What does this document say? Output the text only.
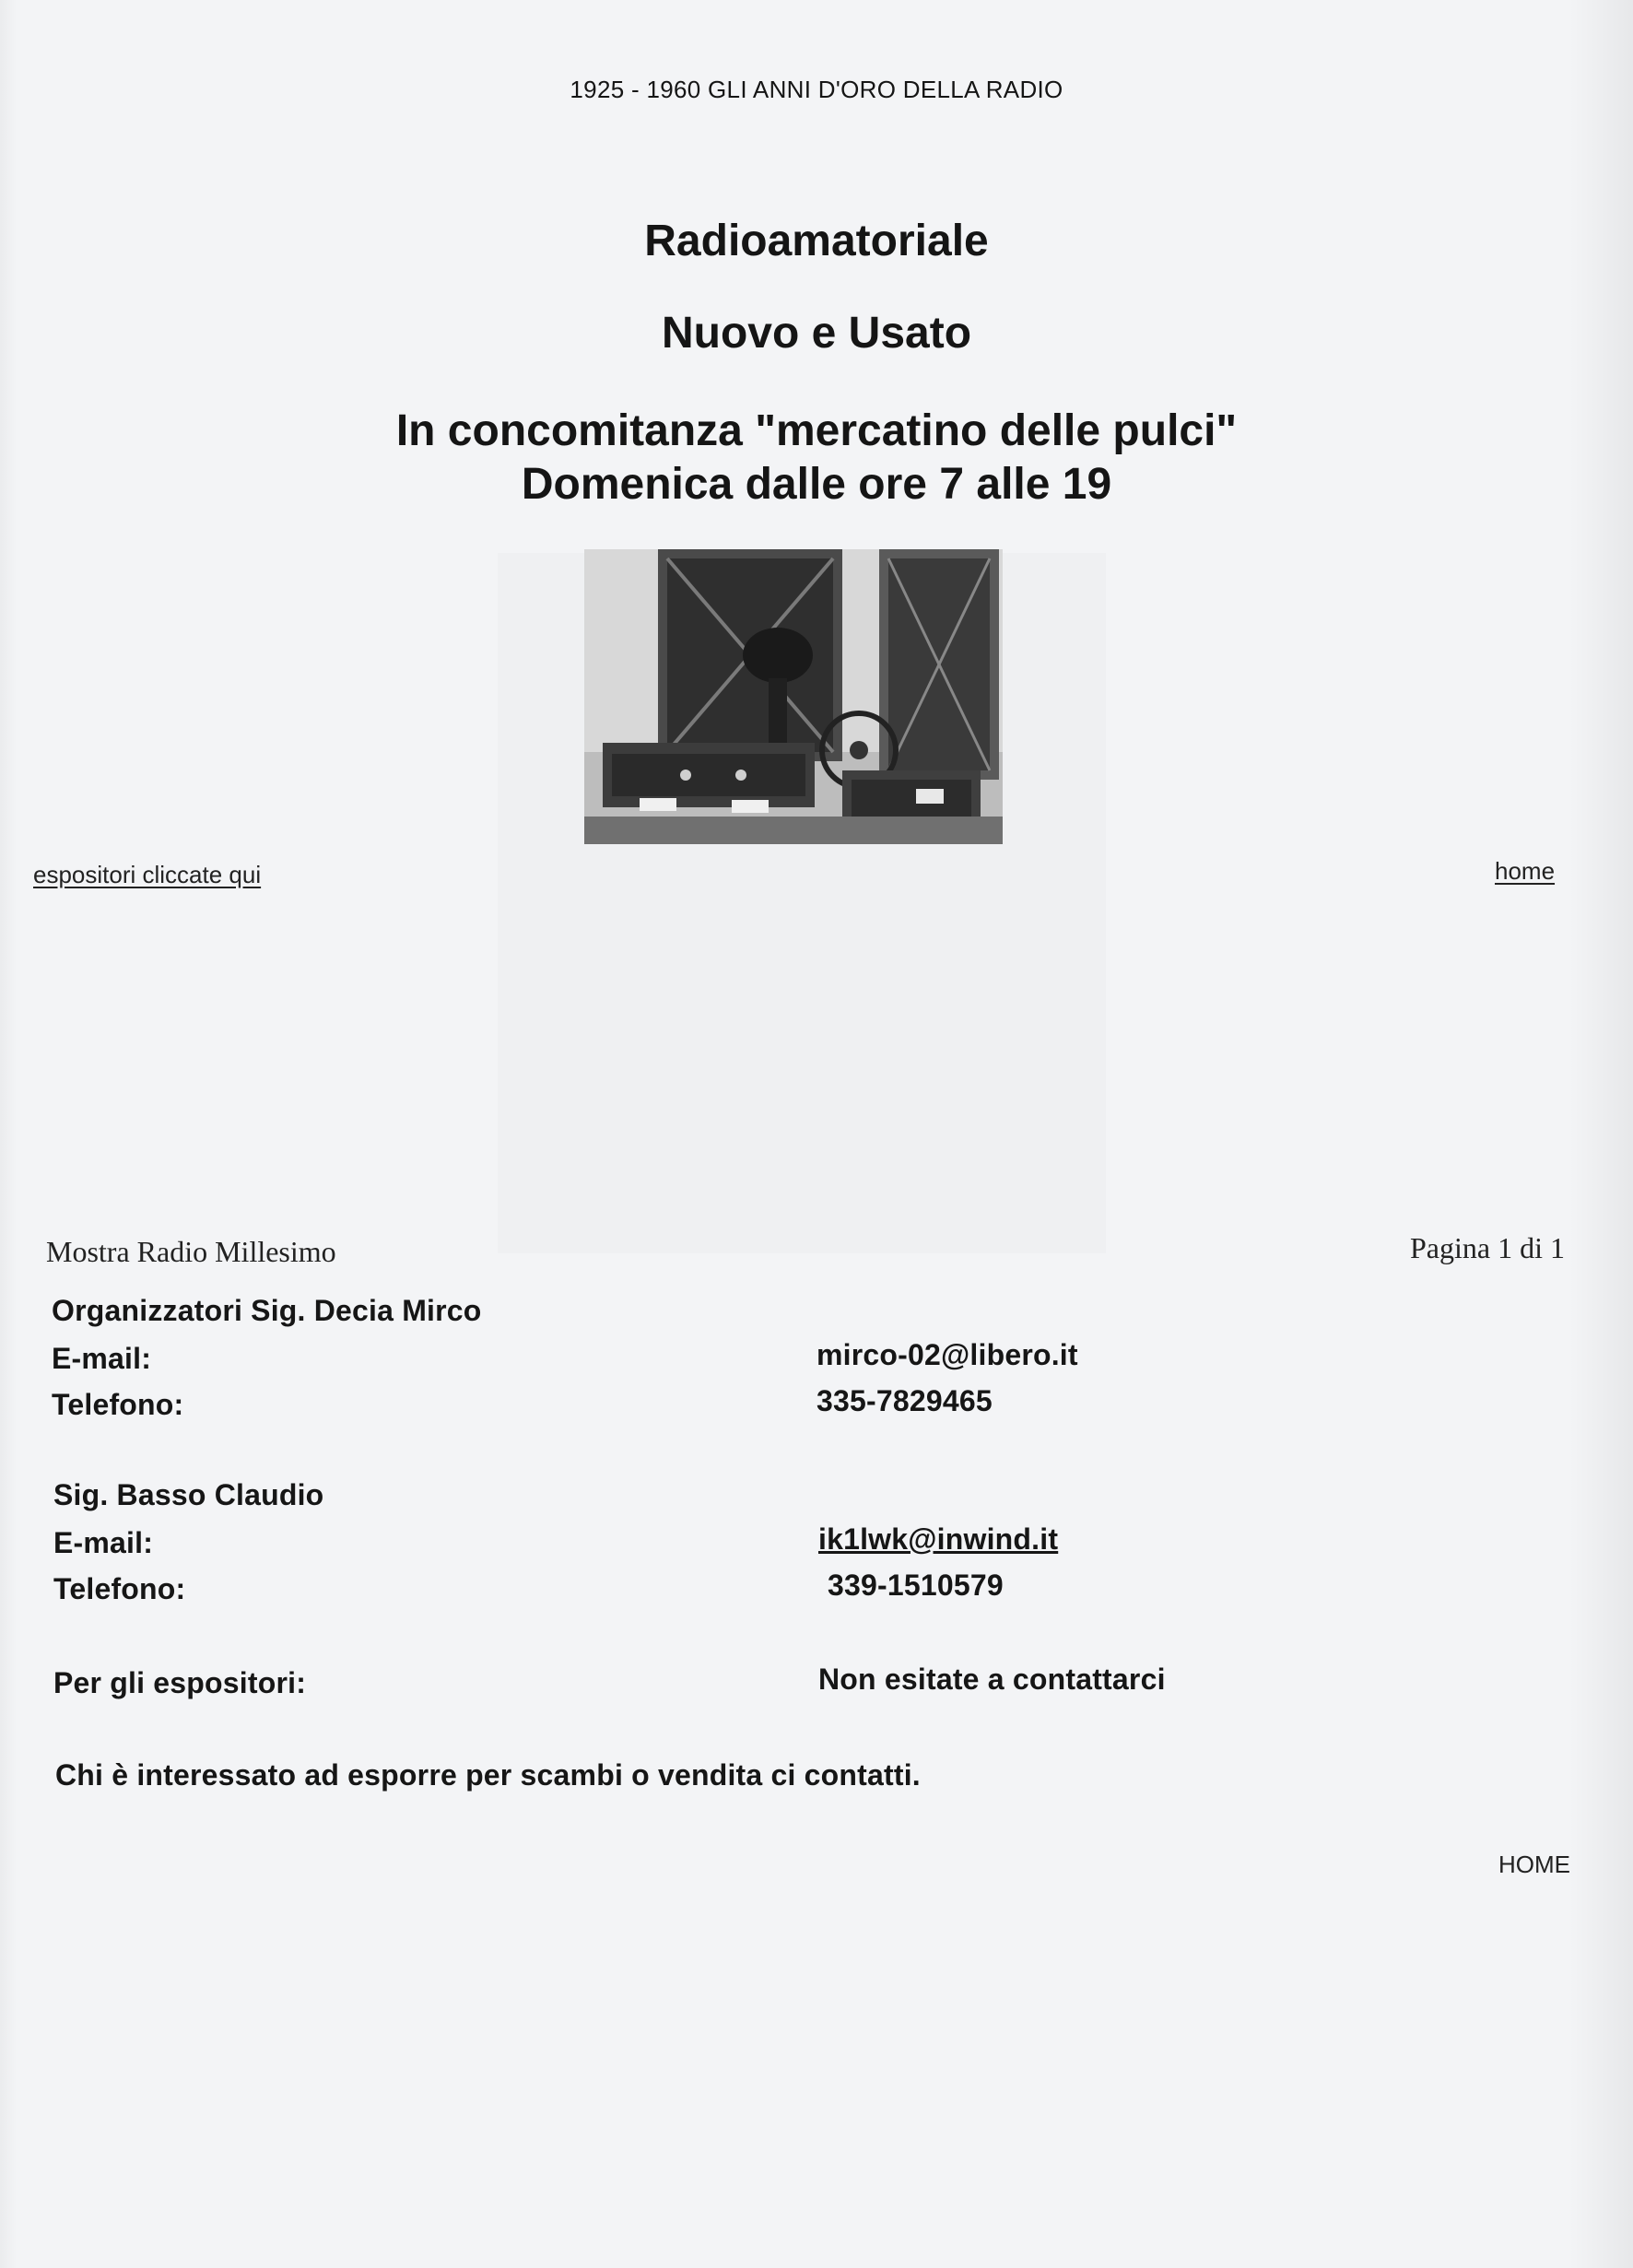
1925 - 1960 GLI ANNI D'ORO DELLA RADIO
Radioamatoriale
Nuovo e Usato
In concomitanza "mercatino delle pulci"
Domenica dalle ore 7 alle 19
espositori cliccate qui	home
Mostra Radio Millesimo	Pagina 1 di 1
Organizzatori Sig. Decia Mirco
E-mail:	mirco-02@libero.it
Telefono:	335-7829465
Sig. Basso Claudio
E-mail:	ik1lwk@inwind.it
Telefono:	339-1510579
Per gli espositori:	Non esitate a contattarci
Chi è interessato ad esporre per scambi o vendita ci contatti.
HOME
